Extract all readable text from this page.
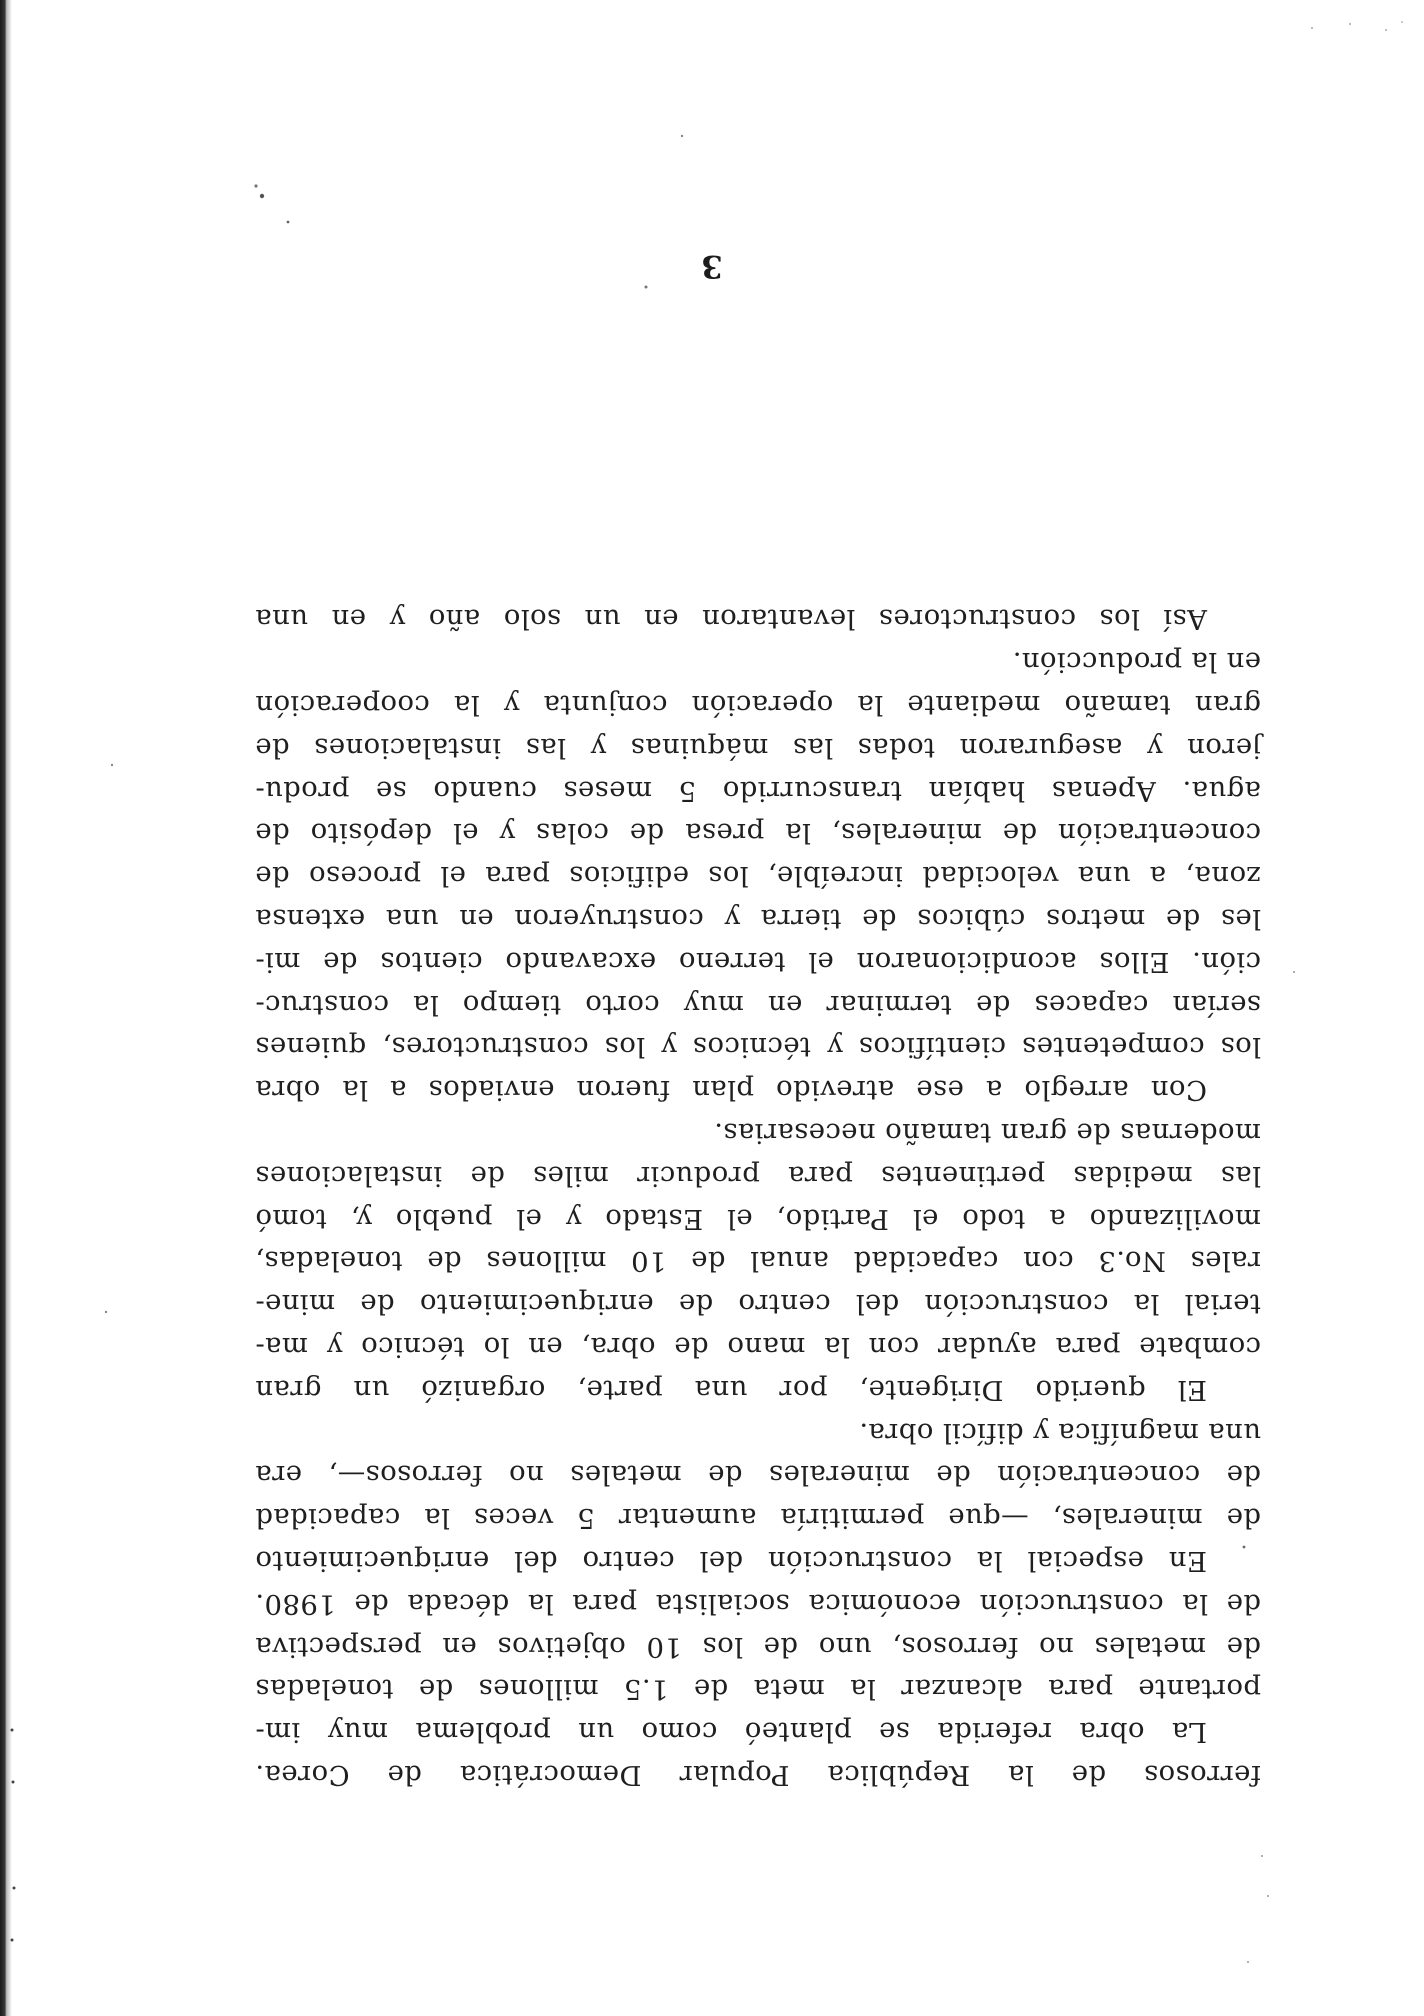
3
ferrosos de la República Popular Democrática de Corea.
La obra referida se planteó como un problema muy im-
portante para alcanzar la meta de 1.5 millones de toneladas
de metales no ferrosos, uno de los 10 objetivos en perspectiva
de la construcción económica socialista para la década de 1980.
En especial la construcción del centro del enriquecimiento
de minerales, —que permitiría aumentar 5 veces la capacidad
de concentración de minerales de metales no ferrosos—, era
una magnífica y difícil obra.
El querido Dirigente, por una parte, organizó un gran
combate para ayudar con la mano de obra, en lo técnico y ma-
terial la construcción del centro de enriquecimiento de mine-
rales No.3 con capacidad anual de 10 millones de toneladas,
movilizando a todo el Partido, el Estado y el pueblo y, tomó
las medidas pertinentes para producir miles de instalaciones
modernas de gran tamaño necesarias.
Con arreglo a ese atrevido plan fueron enviados a la obra
los competentes científicos y técnicos y los constructores, quienes
serían capaces de terminar en muy corto tiempo la construc-
ción. Ellos acondicionaron el terreno excavando cientos de mi-
les de metros cúbicos de tierra y construyeron en una extensa
zona, a una velocidad increíble, los edificios para el proceso de
concentración de minerales, la presa de colas y el depósito de
agua. Apenas habían transcurrido 5 meses cuando se produ-
jeron y aseguraron todas las máquinas y las instalaciones de
gran tamaño mediante la operación conjunta y la cooperación
en la producción.
Así los constructores levantaron en un solo año y en una
